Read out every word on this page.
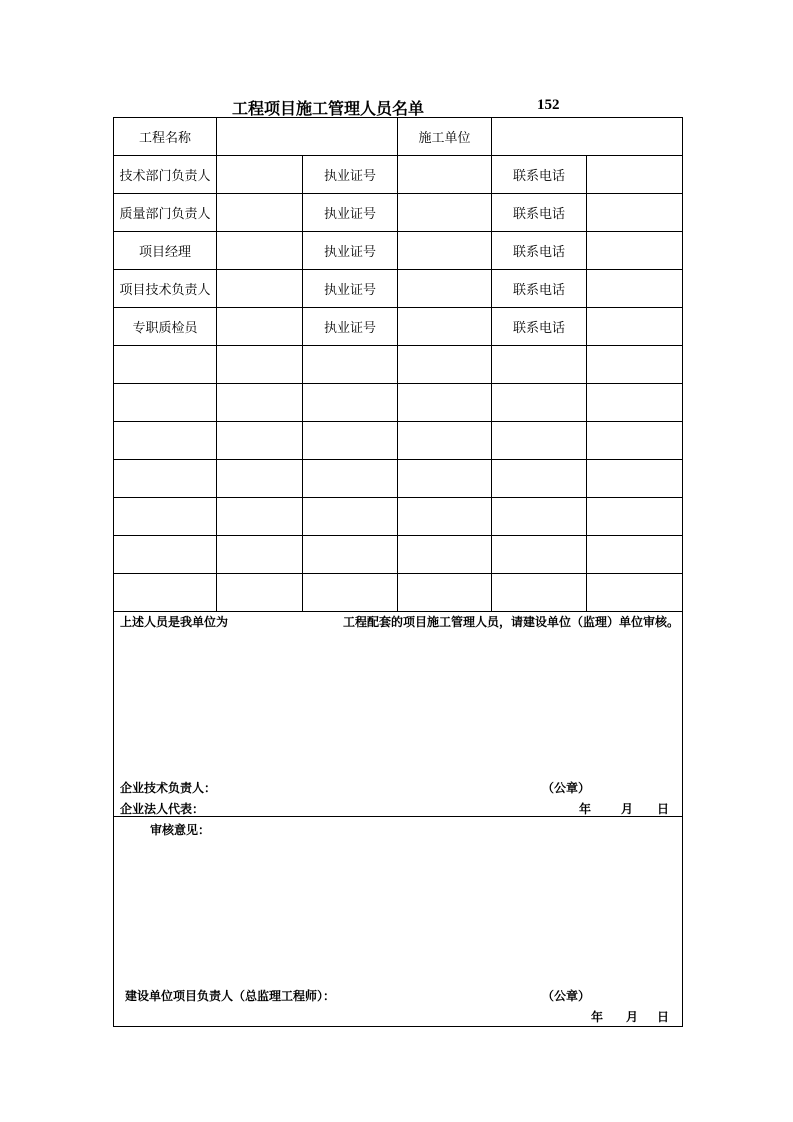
工程项目施工管理人员名单	152
工程名称			施工单位		
技术部门负责人		执业证号		联系电话	
质量部门负责人		执业证号		联系电话	
项目经理		执业证号		联系电话	
项目技术负责人		执业证号		联系电话	
专职质检员		执业证号		联系电话	

上述人员是我单位为	工程配套的项目施工管理人员，请建设单位（监理）单位审核。
企业技术负责人：	（公章）
企业法人代表：	年 月 日
审核意见：
建设单位项目负责人（总监理工程师）：	（公章）
年 月 日
